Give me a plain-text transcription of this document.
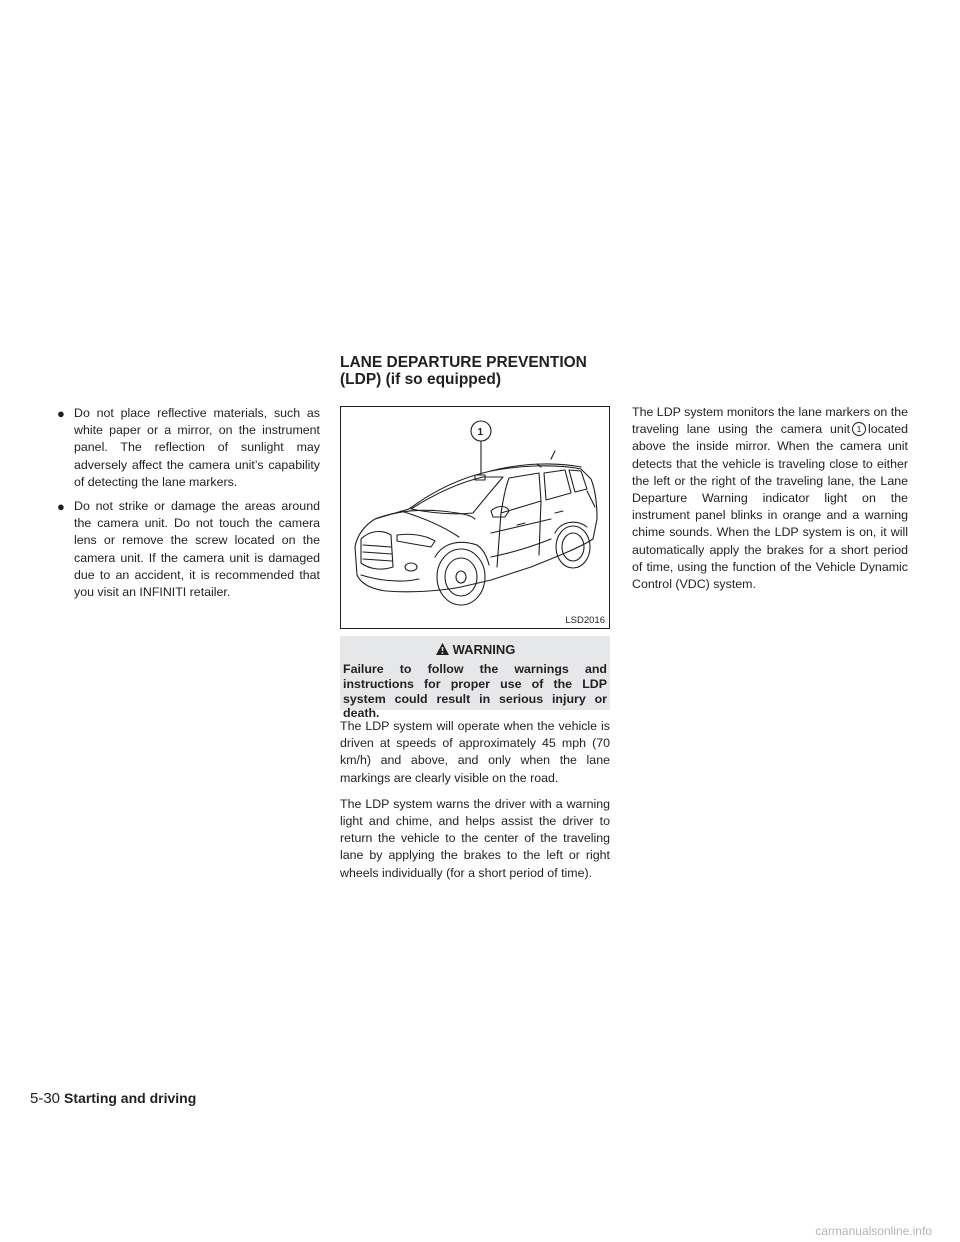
LANE DEPARTURE PREVENTION
(LDP) (if so equipped)
● Do not place reflective materials, such as white paper or a mirror, on the instrument panel. The reflection of sunlight may adversely affect the camera unit’s capability of detecting the lane markers.
● Do not strike or damage the areas around the camera unit. Do not touch the camera lens or remove the screw located on the camera unit. If the camera unit is damaged due to an accident, it is recommended that you visit an INFINITI retailer.
1
LSD2016
WARNING
Failure to follow the warnings and instructions for proper use of the LDP system could result in serious injury or death.

The LDP system will operate when the vehicle is driven at speeds of approximately 45 mph (70 km/h) and above, and only when the lane markings are clearly visible on the road.

The LDP system warns the driver with a warning light and chime, and helps assist the driver to return the vehicle to the center of the traveling lane by applying the brakes to the left or right wheels individually (for a short period of time).

The LDP system monitors the lane markers on the traveling lane using the camera unit 1 located above the inside mirror. When the camera unit detects that the vehicle is traveling close to either the left or the right of the traveling lane, the Lane Departure Warning indicator light on the instrument panel blinks in orange and a warning chime sounds. When the LDP system is on, it will automatically apply the brakes for a short period of time, using the function of the Vehicle Dynamic Control (VDC) system.

5-30 Starting and driving
carmanualsonline.info
